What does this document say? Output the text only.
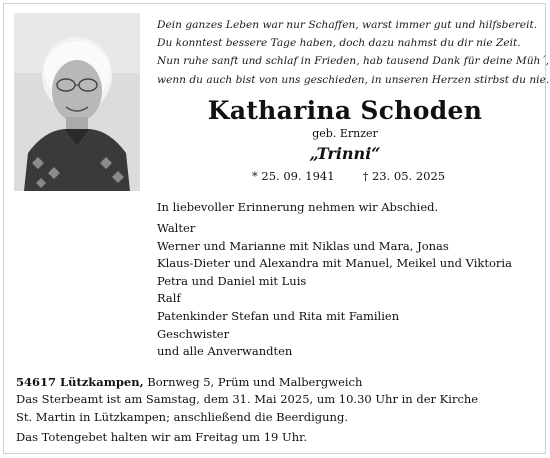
Dein ganzes Leben war nur Schaffen, warst immer gut und hilfsbereit.
Du konntest bessere Tage haben, doch dazu nahmst du dir nie Zeit.
Nun ruhe sanft und schlaf in Frieden, hab tausend Dank für deine Müh´,
wenn du auch bist von uns geschieden, in unseren Herzen stirbst du nie.
Katharina Schoden
geb. Ernzer
„Trinni“
* 25. 09. 1941 † 23. 05. 2025
In liebevoller Erinnerung nehmen wir Abschied.
Walter
Werner und Marianne mit Niklas und Mara, Jonas
Klaus-Dieter und Alexandra mit Manuel, Meikel und Viktoria
Petra und Daniel mit Luis
Ralf
Patenkinder Stefan und Rita mit Familien
Geschwister
und alle Anverwandten
54617 Lützkampen, Bornweg 5, Prüm und Malbergweich
Das Sterbeamt ist am Samstag, dem 31. Mai 2025, um 10.30 Uhr in der Kirche
St. Martin in Lützkampen; anschließend die Beerdigung.
Das Totengebet halten wir am Freitag um 19 Uhr.
